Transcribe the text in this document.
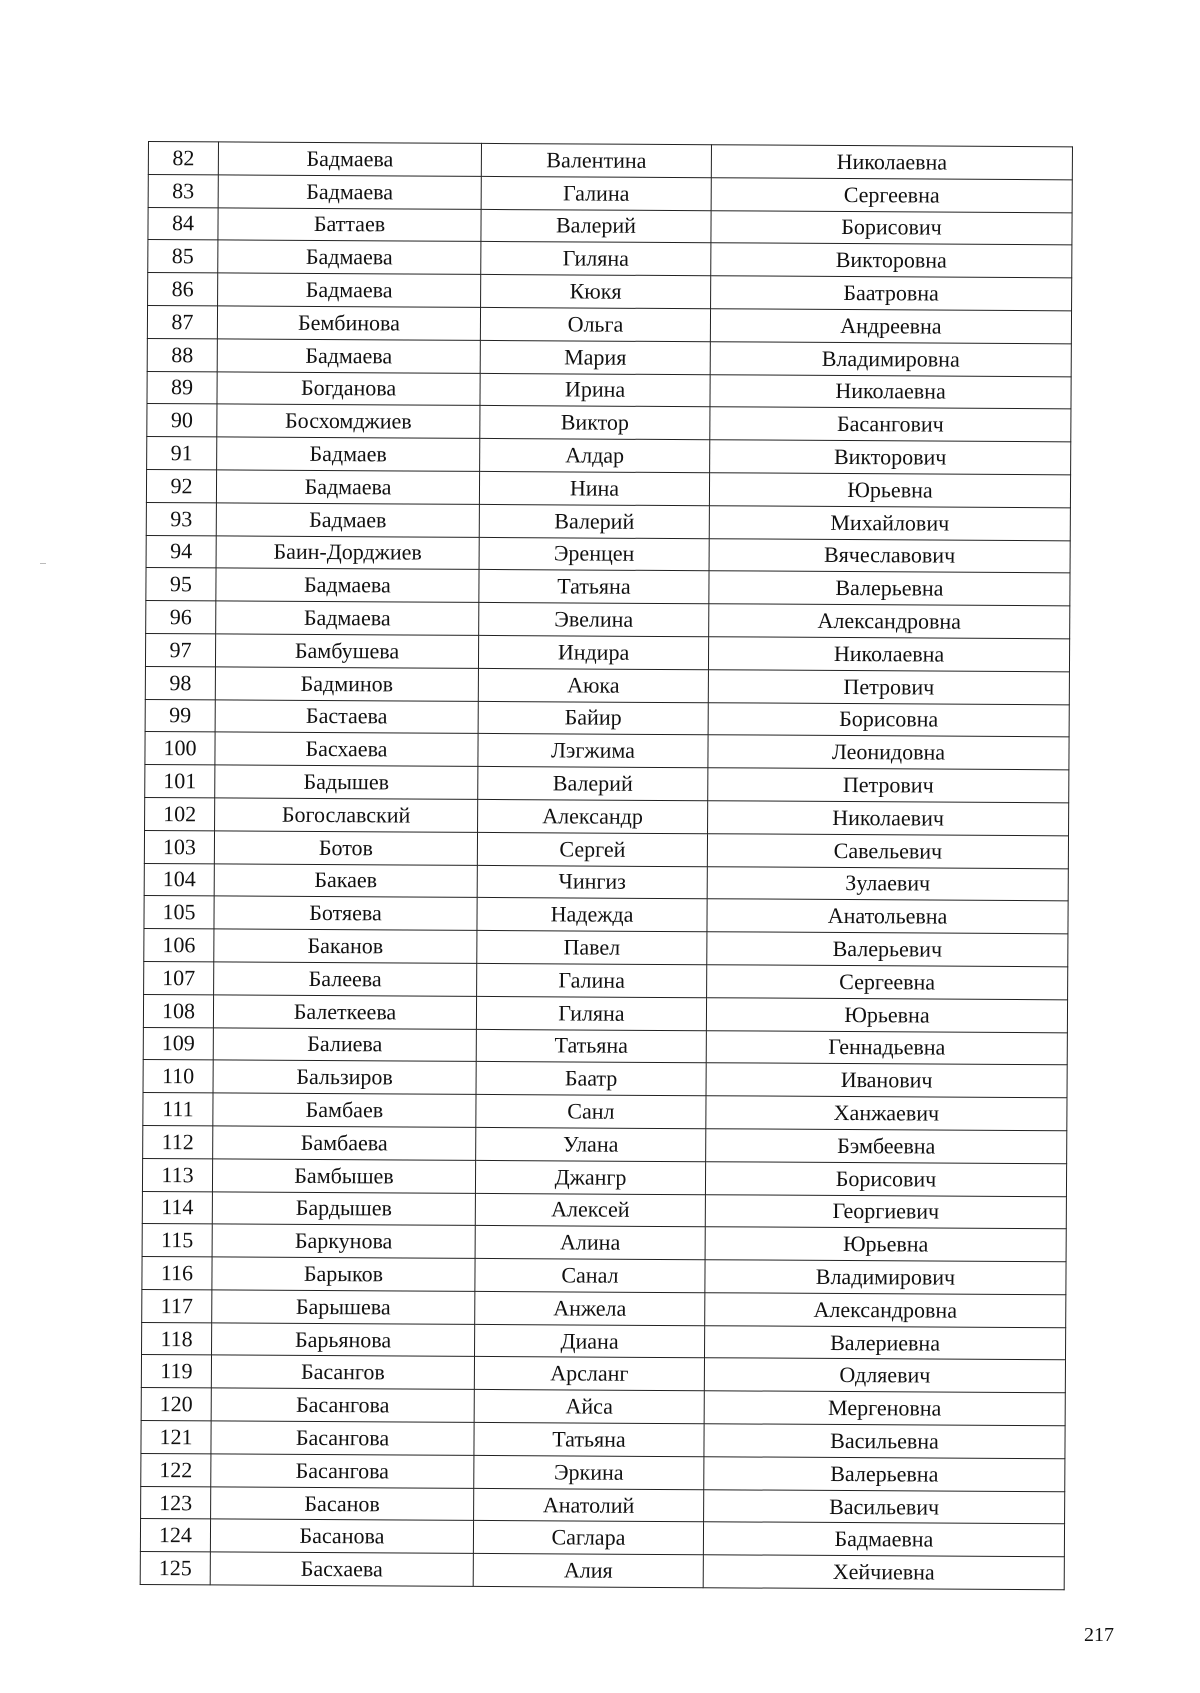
82	Бадмаева	Валентина	Николаевна
83	Бадмаева	Галина	Сергеевна
84	Баттаев	Валерий	Борисович
85	Бадмаева	Гиляна	Викторовна
86	Бадмаева	Кюкя	Баатровна
87	Бембинова	Ольга	Андреевна
88	Бадмаева	Мария	Владимировна
89	Богданова	Ирина	Николаевна
90	Босхомджиев	Виктор	Басангович
91	Бадмаев	Алдар	Викторович
92	Бадмаева	Нина	Юрьевна
93	Бадмаев	Валерий	Михайлович
94	Баин-Дорджиев	Эренцен	Вячеславович
95	Бадмаева	Татьяна	Валерьевна
96	Бадмаева	Эвелина	Александровна
97	Бамбушева	Индира	Николаевна
98	Бадминов	Аюка	Петрович
99	Бастаева	Байир	Борисовна
100	Басхаева	Лэгжима	Леонидовна
101	Бадышев	Валерий	Петрович
102	Богославский	Александр	Николаевич
103	Ботов	Сергей	Савельевич
104	Бакаев	Чингиз	Зулаевич
105	Ботяева	Надежда	Анатольевна
106	Баканов	Павел	Валерьевич
107	Балеева	Галина	Сергеевна
108	Балеткеева	Гиляна	Юрьевна
109	Балиева	Татьяна	Геннадьевна
110	Бальзиров	Баатр	Иванович
111	Бамбаев	Санл	Ханжаевич
112	Бамбаева	Улана	Бэмбеевна
113	Бамбышев	Джангр	Борисович
114	Бардышев	Алексей	Георгиевич
115	Баркунова	Алина	Юрьевна
116	Барыков	Санал	Владимирович
117	Барышева	Анжела	Александровна
118	Барьянова	Диана	Валериевна
119	Басангов	Арсланг	Одляевич
120	Басангова	Айса	Мергеновна
121	Басангова	Татьяна	Васильевна
122	Басангова	Эркина	Валерьевна
123	Басанов	Анатолий	Васильевич
124	Басанова	Саглара	Бадмаевна
125	Басхаева	Алия	Хейчиевна
217
